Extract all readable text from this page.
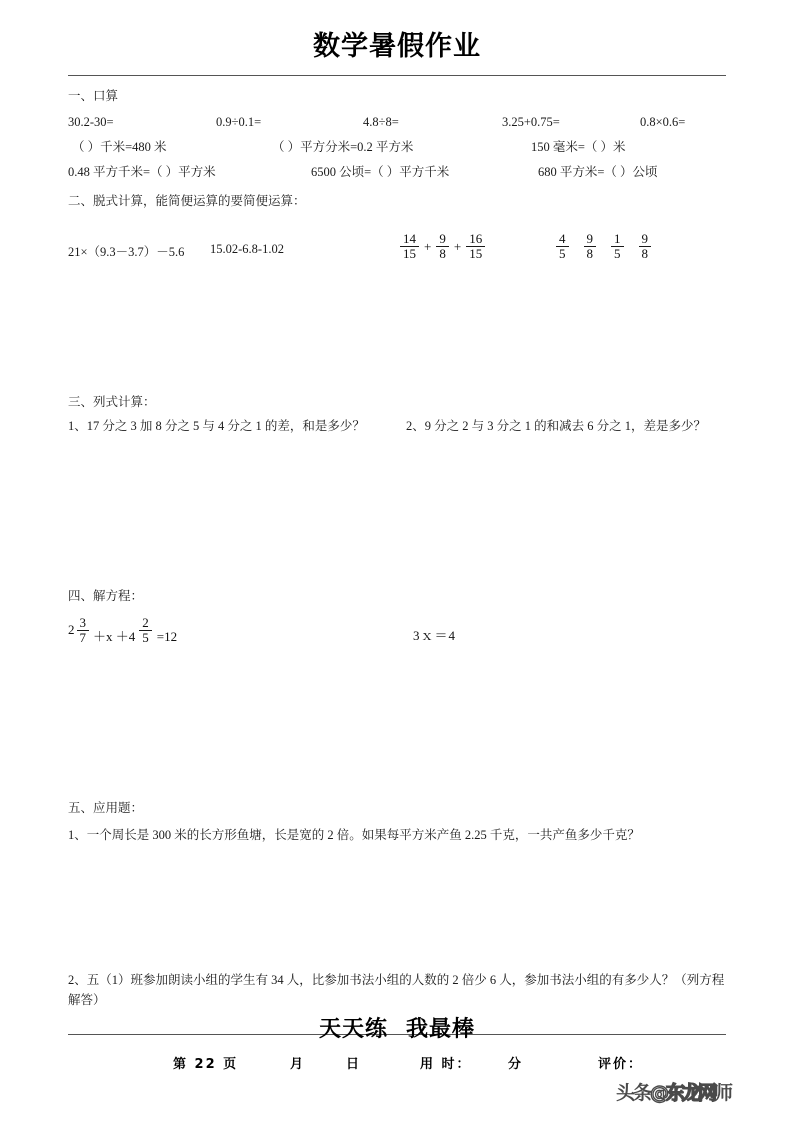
数学暑假作业
一、口算
30.2-30=	0.9÷0.1=	4.8÷8=	3.25+0.75=	0.8×0.6=
（ ）千米=480 米	（ ）平方分米=0.2 平方米	150 毫米=（ ）米
0.48 平方千米=（ ）平方米	6500 公顷=（ ）平方千米	680 平方米=（ ）公顷
二、脱式计算，能简便运算的要简便运算：
21×（9.3－3.7）－5.6 15.02-6.8-1.02	$\frac{14}{15} + \frac{9}{8} + \frac{16}{15}$	$\frac{4}{5} \frac{9}{8} \frac{1}{5} \frac{9}{8}$
三、列式计算：
1、17 分之 3 加 8 分之 5 与 4 分之 1 的差，和是多少？	2、9 分之 2 与 3 分之 1 的和减去 6 分之 1，差是多少？
四、解方程：
$2 \frac{3}{7} +x +4 \frac{2}{5} =12$	3ｘ＝4
五、应用题：
1、一个周长是 300 米的长方形鱼塘，长是宽的 2 倍。如果每平方米产鱼 2.25 千克，一共产鱼多少千克？
2、五（1）班参加朗读小组的学生有 34 人，比参加书法小组的人数的 2 倍少 6 人，参加书法小组的有多少人？（列方程解答）
天天练 我最棒
第 22 页	月	日	用 时：	分	评价：
头条@东龙网师
